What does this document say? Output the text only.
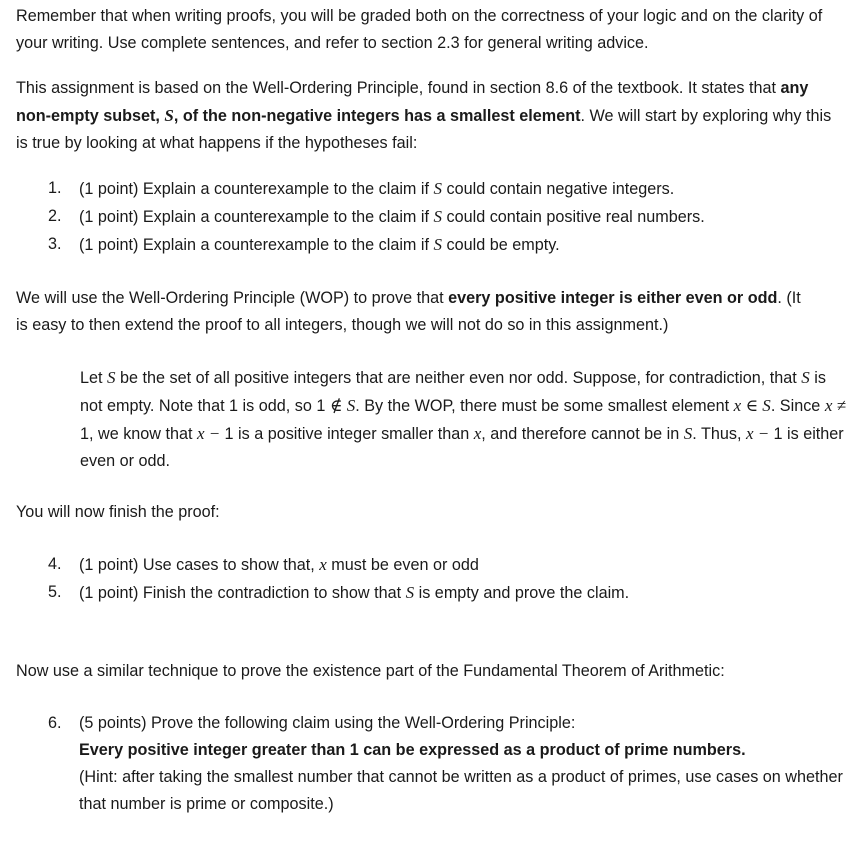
Remember that when writing proofs, you will be graded both on the correctness of your logic and on the clarity of your writing. Use complete sentences, and refer to section 2.3 for general writing advice.

This assignment is based on the Well-Ordering Principle, found in section 8.6 of the textbook. It states that any non-empty subset, S, of the non-negative integers has a smallest element. We will start by exploring why this is true by looking at what happens if the hypotheses fail:

1. (1 point) Explain a counterexample to the claim if S could contain negative integers.
2. (1 point) Explain a counterexample to the claim if S could contain positive real numbers.
3. (1 point) Explain a counterexample to the claim if S could be empty.

We will use the Well-Ordering Principle (WOP) to prove that every positive integer is either even or odd. (It is easy to then extend the proof to all integers, though we will not do so in this assignment.)

Let S be the set of all positive integers that are neither even nor odd. Suppose, for contradiction, that S is not empty. Note that 1 is odd, so 1 ∉ S. By the WOP, there must be some smallest element x ∈ S. Since x ≠ 1, we know that x − 1 is a positive integer smaller than x, and therefore cannot be in S. Thus, x − 1 is either even or odd.

You will now finish the proof:

4. (1 point) Use cases to show that, x must be even or odd
5. (1 point) Finish the contradiction to show that S is empty and prove the claim.

Now use a similar technique to prove the existence part of the Fundamental Theorem of Arithmetic:

6. (5 points) Prove the following claim using the Well-Ordering Principle:
Every positive integer greater than 1 can be expressed as a product of prime numbers.
(Hint: after taking the smallest number that cannot be written as a product of primes, use cases on whether that number is prime or composite.)
